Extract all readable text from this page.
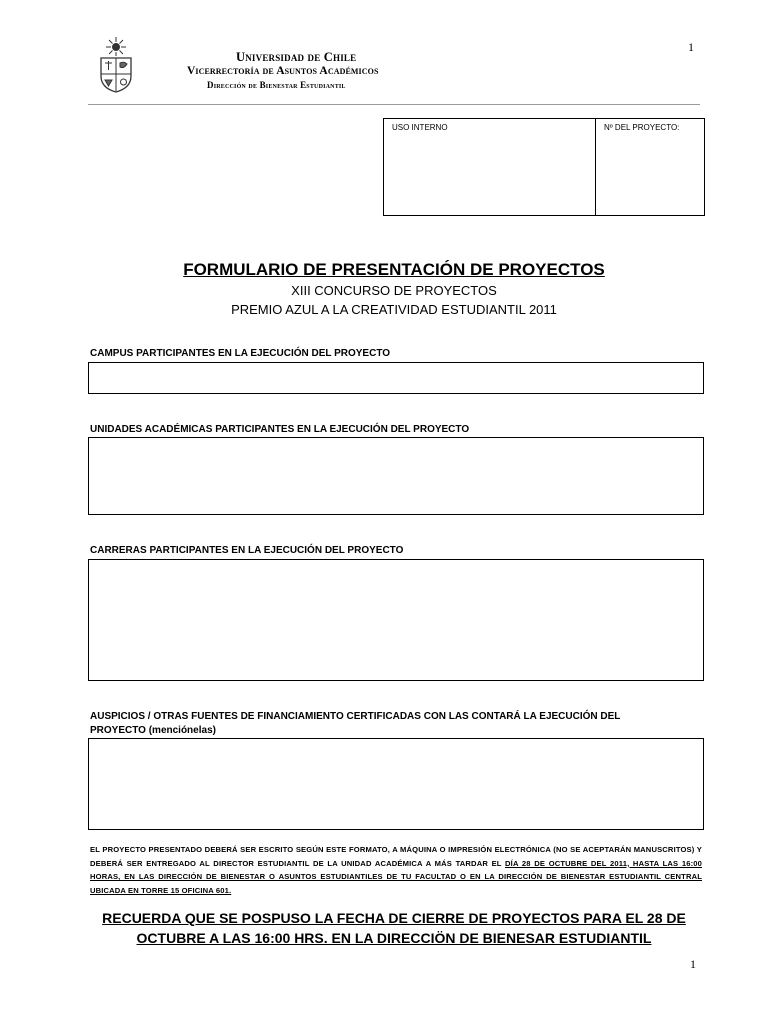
1
Universidad de Chile
Vicerrectoría de Asuntos Académicos
Dirección de Bienestar Estudiantil
USO INTERNO	Nº DEL PROYECTO:
FORMULARIO DE PRESENTACIÓN DE PROYECTOS
XIII CONCURSO DE PROYECTOS
PREMIO AZUL A LA CREATIVIDAD ESTUDIANTIL 2011
CAMPUS PARTICIPANTES EN LA EJECUCIÓN DEL PROYECTO
UNIDADES ACADÉMICAS PARTICIPANTES EN LA EJECUCIÓN DEL PROYECTO
CARRERAS PARTICIPANTES EN LA EJECUCIÓN DEL PROYECTO
AUSPICIOS / OTRAS FUENTES DE FINANCIAMIENTO CERTIFICADAS CON LAS CONTARÁ LA EJECUCIÓN DEL
PROYECTO (menciónelas)
EL PROYECTO PRESENTADO DEBERÁ SER ESCRITO SEGÚN ESTE FORMATO, A MÁQUINA O IMPRESIÓN ELECTRÓNICA (NO SE ACEPTARÁN MANUSCRITOS) Y DEBERÁ SER ENTREGADO AL DIRECTOR ESTUDIANTIL DE LA UNIDAD ACADÉMICA A MÁS TARDAR EL DÍA 28 DE OCTUBRE DEL 2011, HASTA LAS 16:00 HORAS, EN LAS DIRECCIÓN DE BIENESTAR O ASUNTOS ESTUDIANTILES DE TU FACULTAD O EN LA DIRECCIÓN DE BIENESTAR ESTUDIANTIL CENTRAL UBICADA EN TORRE 15 OFICINA 601.
RECUERDA QUE SE POSPUSO LA FECHA DE CIERRE DE PROYECTOS PARA EL 28 DE
OCTUBRE A LAS 16:00 HRS. EN LA DIRECCIÖN DE BIENESAR ESTUDIANTIL
1
